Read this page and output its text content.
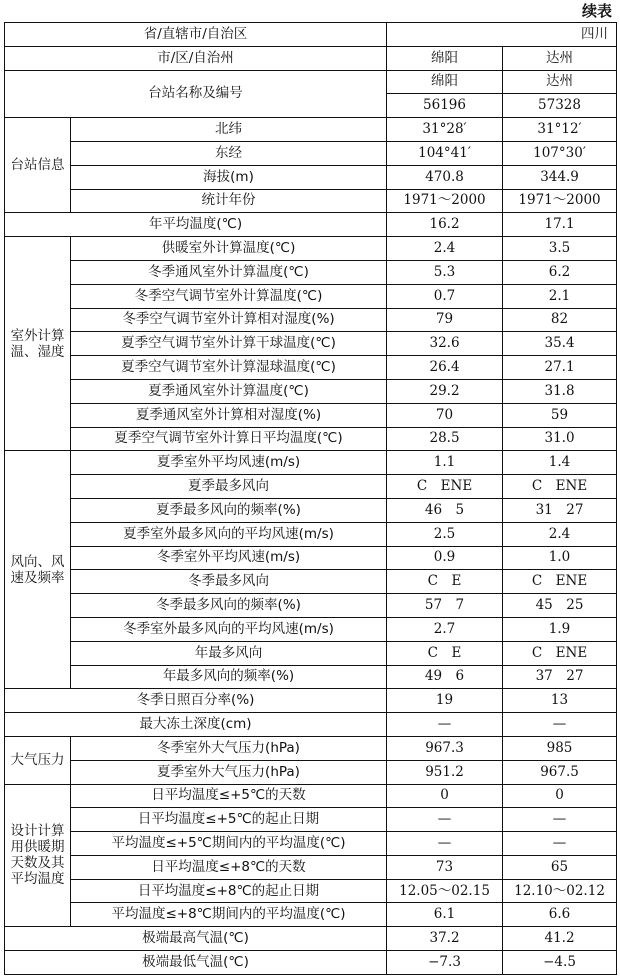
续表
省/直辖市/自治区		四川	
市/区/自治州		绵阳	达州
台站名称及编号		绵阳	达州
		56196	57328
台站信息	北纬	31°28′	31°12′
	东经	104°41′	107°30′
	海拔(m)	470.8	344.9
	统计年份	1971～2000	1971～2000
年平均温度(℃)		16.2	17.1
室外计算温、湿度	供暖室外计算温度(℃)	2.4	3.5
	冬季通风室外计算温度(℃)	5.3	6.2
	冬季空气调节室外计算温度(℃)	0.7	2.1
	冬季空气调节室外计算相对湿度(%)	79	82
	夏季空气调节室外计算干球温度(℃)	32.6	35.4
	夏季空气调节室外计算湿球温度(℃)	26.4	27.1
	夏季通风室外计算温度(℃)	29.2	31.8
	夏季通风室外计算相对湿度(%)	70	59
	夏季空气调节室外计算日平均温度(℃)	28.5	31.0
风向、风速及频率	夏季室外平均风速(m/s)	1.1	1.4
	夏季最多风向	C　ENE	C　ENE
	夏季最多风向的频率(%)	46　5	31　27
	夏季室外最多风向的平均风速(m/s)	2.5	2.4
	冬季室外平均风速(m/s)	0.9	1.0
	冬季最多风向	C　E	C　ENE
	冬季最多风向的频率(%)	57　7	45　25
	冬季室外最多风向的平均风速(m/s)	2.7	1.9
	年最多风向	C　E	C　ENE
	年最多风向的频率(%)	49　6	37　27
冬季日照百分率(%)		19	13
最大冻土深度(cm)		—	—
大气压力	冬季室外大气压力(hPa)	967.3	985
	夏季室外大气压力(hPa)	951.2	967.5
设计计算用供暖期天数及其平均温度	日平均温度≤+5℃的天数	0	0
	日平均温度≤+5℃的起止日期	—	—
	平均温度≤+5℃期间内的平均温度(℃)	—	—
	日平均温度≤+8℃的天数	73	65
	日平均温度≤+8℃的起止日期	12.05～02.15	12.10～02.12
	平均温度≤+8℃期间内的平均温度(℃)	6.1	6.6
极端最高气温(℃)		37.2	41.2
极端最低气温(℃)		−7.3	−4.5
